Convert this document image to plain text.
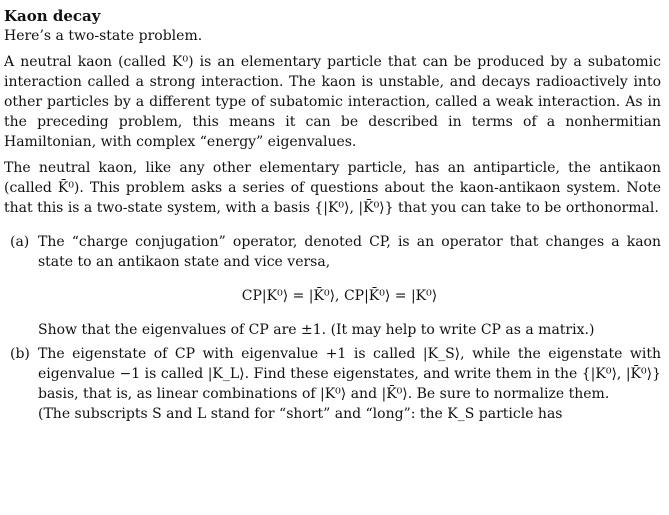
Kaon decay
Here’s a two-state problem.
A neutral kaon (called K⁰) is an elementary particle that can be produced by a subatomic interaction called a strong interaction. The kaon is unstable, and decays radioactively into other particles by a different type of subatomic interaction, called a weak interaction. As in the preceding problem, this means it can be described in terms of a nonhermitian Hamiltonian, with complex “energy” eigenvalues.
The neutral kaon, like any other elementary particle, has an antiparticle, the antikaon (called K̄⁰). This problem asks a series of questions about the kaon-antikaon system. Note that this is a two-state system, with a basis {|K⁰⟩, |K̄⁰⟩} that you can take to be orthonormal.
(a) The “charge conjugation” operator, denoted CP, is an operator that changes a kaon state to an antikaon state and vice versa,
CP|K⁰⟩ = |K̄⁰⟩, CP|K̄⁰⟩ = |K⁰⟩
Show that the eigenvalues of CP are ±1. (It may help to write CP as a matrix.)
(b) The eigenstate of CP with eigenvalue +1 is called |K_S⟩, while the eigenstate with eigenvalue −1 is called |K_L⟩. Find these eigenstates, and write them in the {|K⁰⟩, |K̄⁰⟩} basis, that is, as linear combinations of |K⁰⟩ and |K̄⁰⟩. Be sure to normalize them.
(The subscripts S and L stand for “short” and “long”: the K_S particle has
